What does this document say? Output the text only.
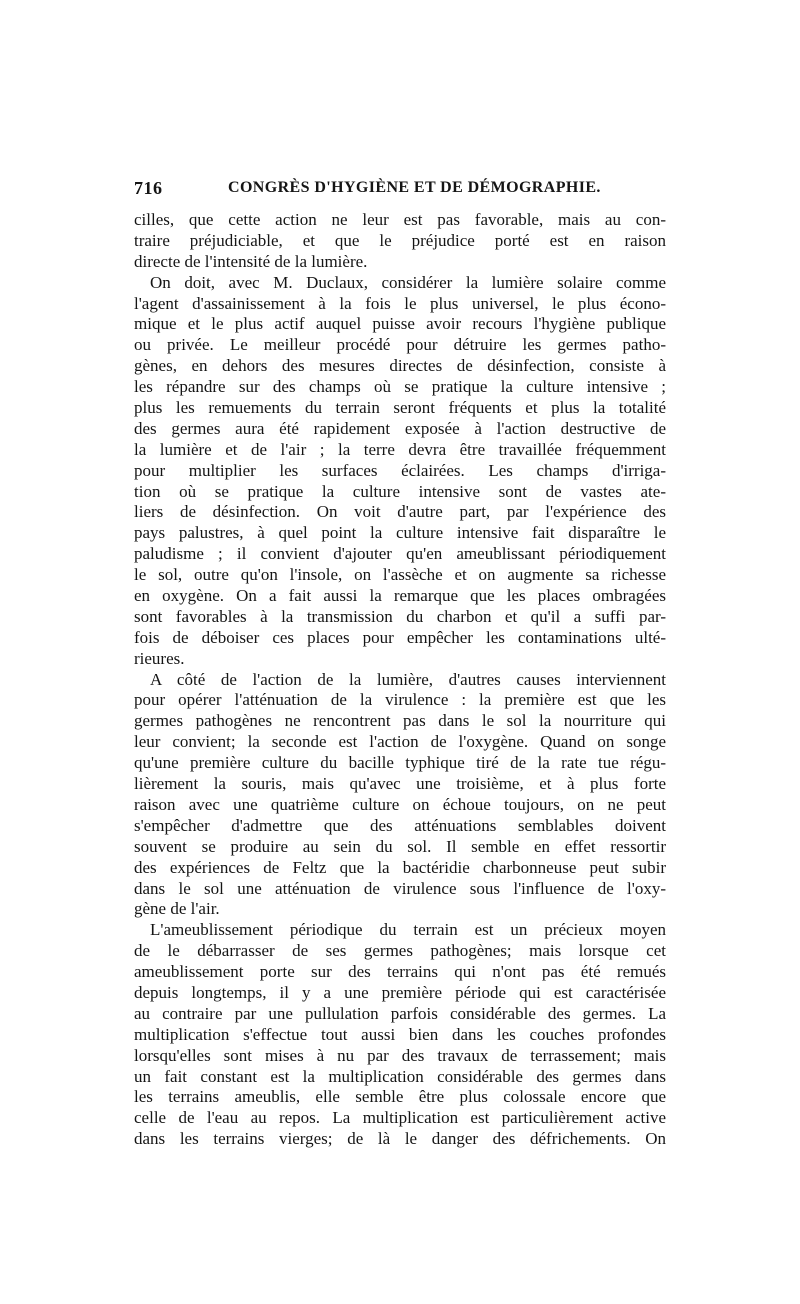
716	CONGRÈS D'HYGIÈNE ET DE DÉMOGRAPHIE.
cilles, que cette action ne leur est pas favorable, mais au con-
traire préjudiciable, et que le préjudice porté est en raison
directe de l'intensité de la lumière.
On doit, avec M. Duclaux, considérer la lumière solaire comme
l'agent d'assainissement à la fois le plus universel, le plus écono-
mique et le plus actif auquel puisse avoir recours l'hygiène publique
ou privée. Le meilleur procédé pour détruire les germes patho-
gènes, en dehors des mesures directes de désinfection, consiste à
les répandre sur des champs où se pratique la culture intensive ;
plus les remuements du terrain seront fréquents et plus la totalité
des germes aura été rapidement exposée à l'action destructive de
la lumière et de l'air ; la terre devra être travaillée fréquemment
pour multiplier les surfaces éclairées. Les champs d'irriga-
tion où se pratique la culture intensive sont de vastes ate-
liers de désinfection. On voit d'autre part, par l'expérience des
pays palustres, à quel point la culture intensive fait disparaître le
paludisme ; il convient d'ajouter qu'en ameublissant périodiquement
le sol, outre qu'on l'insole, on l'assèche et on augmente sa richesse
en oxygène. On a fait aussi la remarque que les places ombragées
sont favorables à la transmission du charbon et qu'il a suffi par-
fois de déboiser ces places pour empêcher les contaminations ulté-
rieures.
A côté de l'action de la lumière, d'autres causes interviennent
pour opérer l'atténuation de la virulence : la première est que les
germes pathogènes ne rencontrent pas dans le sol la nourriture qui
leur convient; la seconde est l'action de l'oxygène. Quand on songe
qu'une première culture du bacille typhique tiré de la rate tue régu-
lièrement la souris, mais qu'avec une troisième, et à plus forte
raison avec une quatrième culture on échoue toujours, on ne peut
s'empêcher d'admettre que des atténuations semblables doivent
souvent se produire au sein du sol. Il semble en effet ressortir
des expériences de Feltz que la bactéridie charbonneuse peut subir
dans le sol une atténuation de virulence sous l'influence de l'oxy-
gène de l'air.
L'ameublissement périodique du terrain est un précieux moyen
de le débarrasser de ses germes pathogènes; mais lorsque cet
ameublissement porte sur des terrains qui n'ont pas été remués
depuis longtemps, il y a une première période qui est caractérisée
au contraire par une pullulation parfois considérable des germes. La
multiplication s'effectue tout aussi bien dans les couches profondes
lorsqu'elles sont mises à nu par des travaux de terrassement; mais
un fait constant est la multiplication considérable des germes dans
les terrains ameublis, elle semble être plus colossale encore que
celle de l'eau au repos. La multiplication est particulièrement active
dans les terrains vierges; de là le danger des défrichements. On
